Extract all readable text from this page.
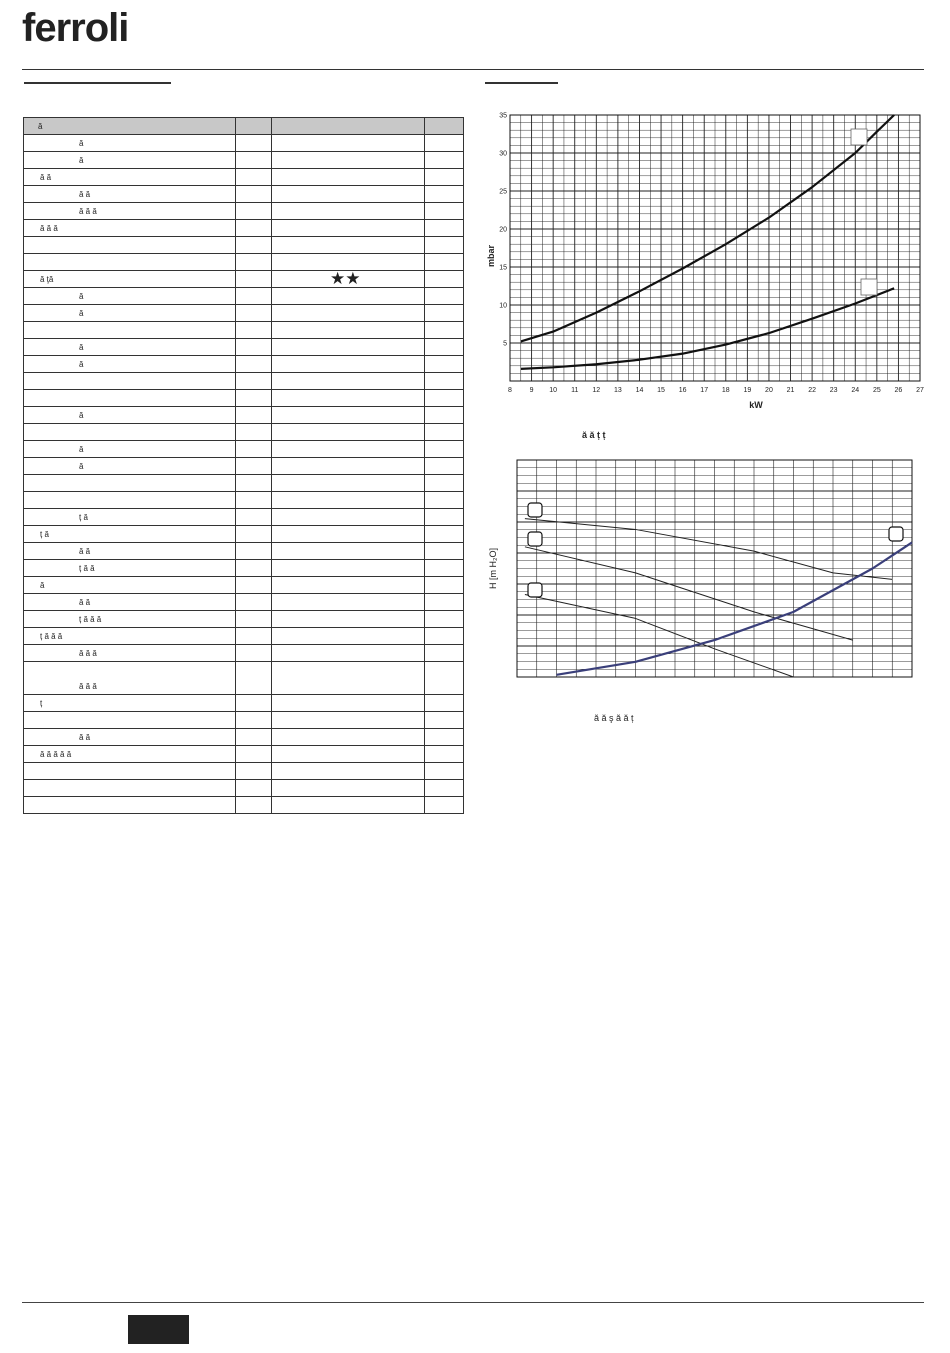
ferroli
ă			
ă			
ă			
ă ă			
ă ă			
ă ă ă			
ă ă ă			

ă ţă		★★	
ă			
ă			

ă			
ă			

ă			

ă			
ă			

ț ă			
ț ă			
ă ă			
ț ă ă			
ă			
ă ă			
ț ă ă ă			
ț ă ă ă			
ă ă ă			
ă ă ă			
ț			

ă ă			
ă ă ă ă ă			

8	9 10 11 12 13 14 15 16 17 18 19 20 21 22 23 24 25 26 27
5
10
15
20
25
30
35
kW
mbar
ă ă ț ț
H [m H₂O]
ă ă ş ă ă ț
